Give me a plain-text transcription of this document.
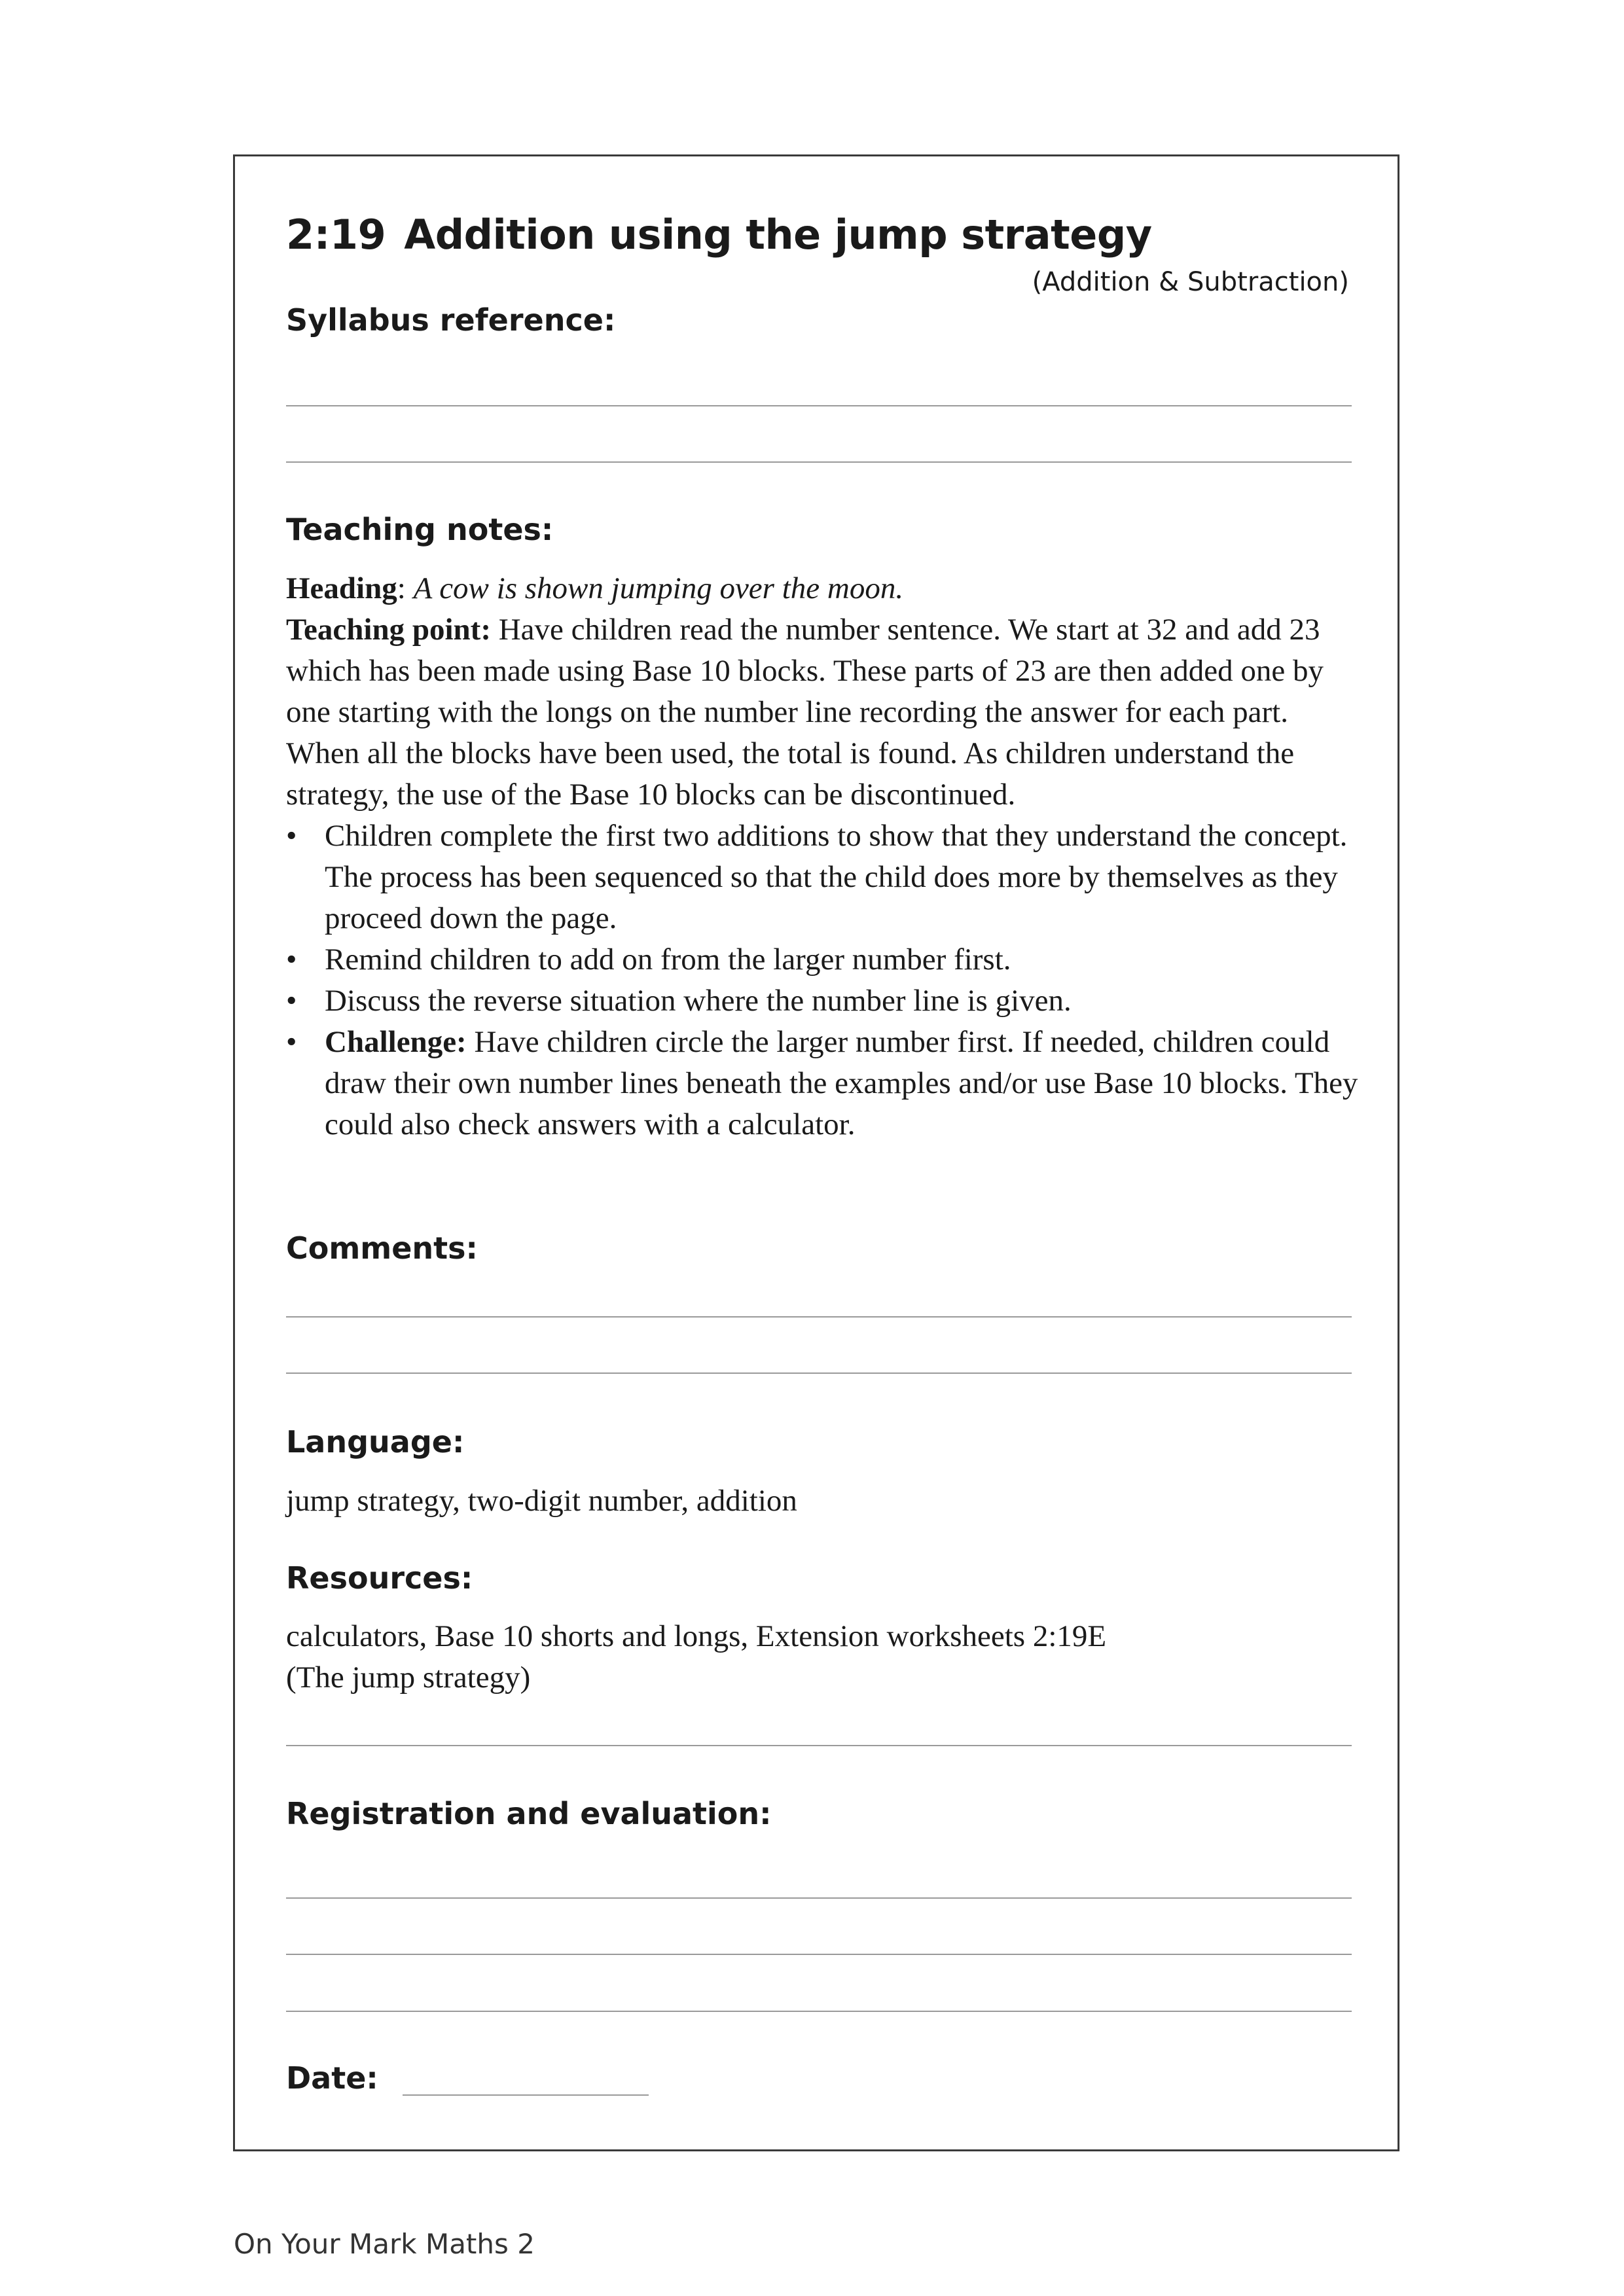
2:19 Addition using the jump strategy
(Addition & Subtraction)
Syllabus reference:
Teaching notes:

Heading: A cow is shown jumping over the moon.

Teaching point: Have children read the number sentence. We start at 32 and add 23 which has been made using Base 10 blocks. These parts of 23 are then added one by one starting with the longs on the number line recording the answer for each part. When all the blocks have been used, the total is found. As children understand the strategy, the use of the Base 10 blocks can be discontinued.

• Children complete the first two additions to show that they understand the concept. The process has been sequenced so that the child does more by themselves as they proceed down the page.
• Remind children to add on from the larger number first.
• Discuss the reverse situation where the number line is given.
• Challenge: Have children circle the larger number first. If needed, children could draw their own number lines beneath the examples and/or use Base 10 blocks. They could also check answers with a calculator.
Comments:
Language:
jump strategy, two-digit number, addition
Resources:
calculators, Base 10 shorts and longs, Extension worksheets 2:19E
(The jump strategy)
Registration and evaluation:
Date:
On Your Mark Maths 2
